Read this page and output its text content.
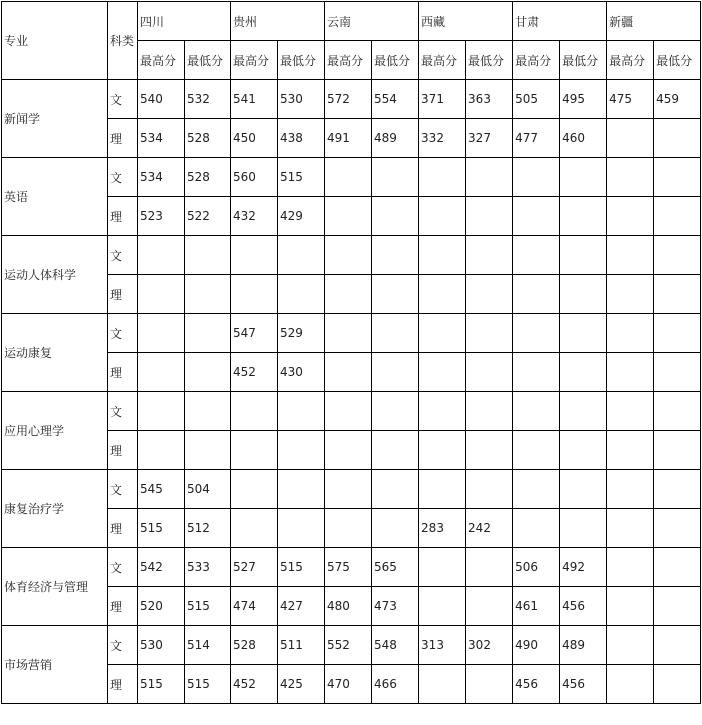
专业	科类	四川		贵州		云南		西藏		甘肃		新疆	
		最高分	最低分	最高分	最低分	最高分	最低分	最高分	最低分	最高分	最低分	最高分	最低分
新闻学	文	540	532	541	530	572	554	371	363	505	495	475	459
	理	534	528	450	438	491	489	332	327	477	460		
英语	文	534	528	560	515								
	理	523	522	432	429								
运动人体科学	文												
	理												
运动康复	文			547	529								
	理			452	430								
应用心理学	文												
	理												
康复治疗学	文	545	504										
	理	515	512					283	242				
体育经济与管理	文	542	533	527	515	575	565			506	492		
	理	520	515	474	427	480	473			461	456		
市场营销	文	530	514	528	511	552	548	313	302	490	489		
	理	515	515	452	425	470	466			456	456		
